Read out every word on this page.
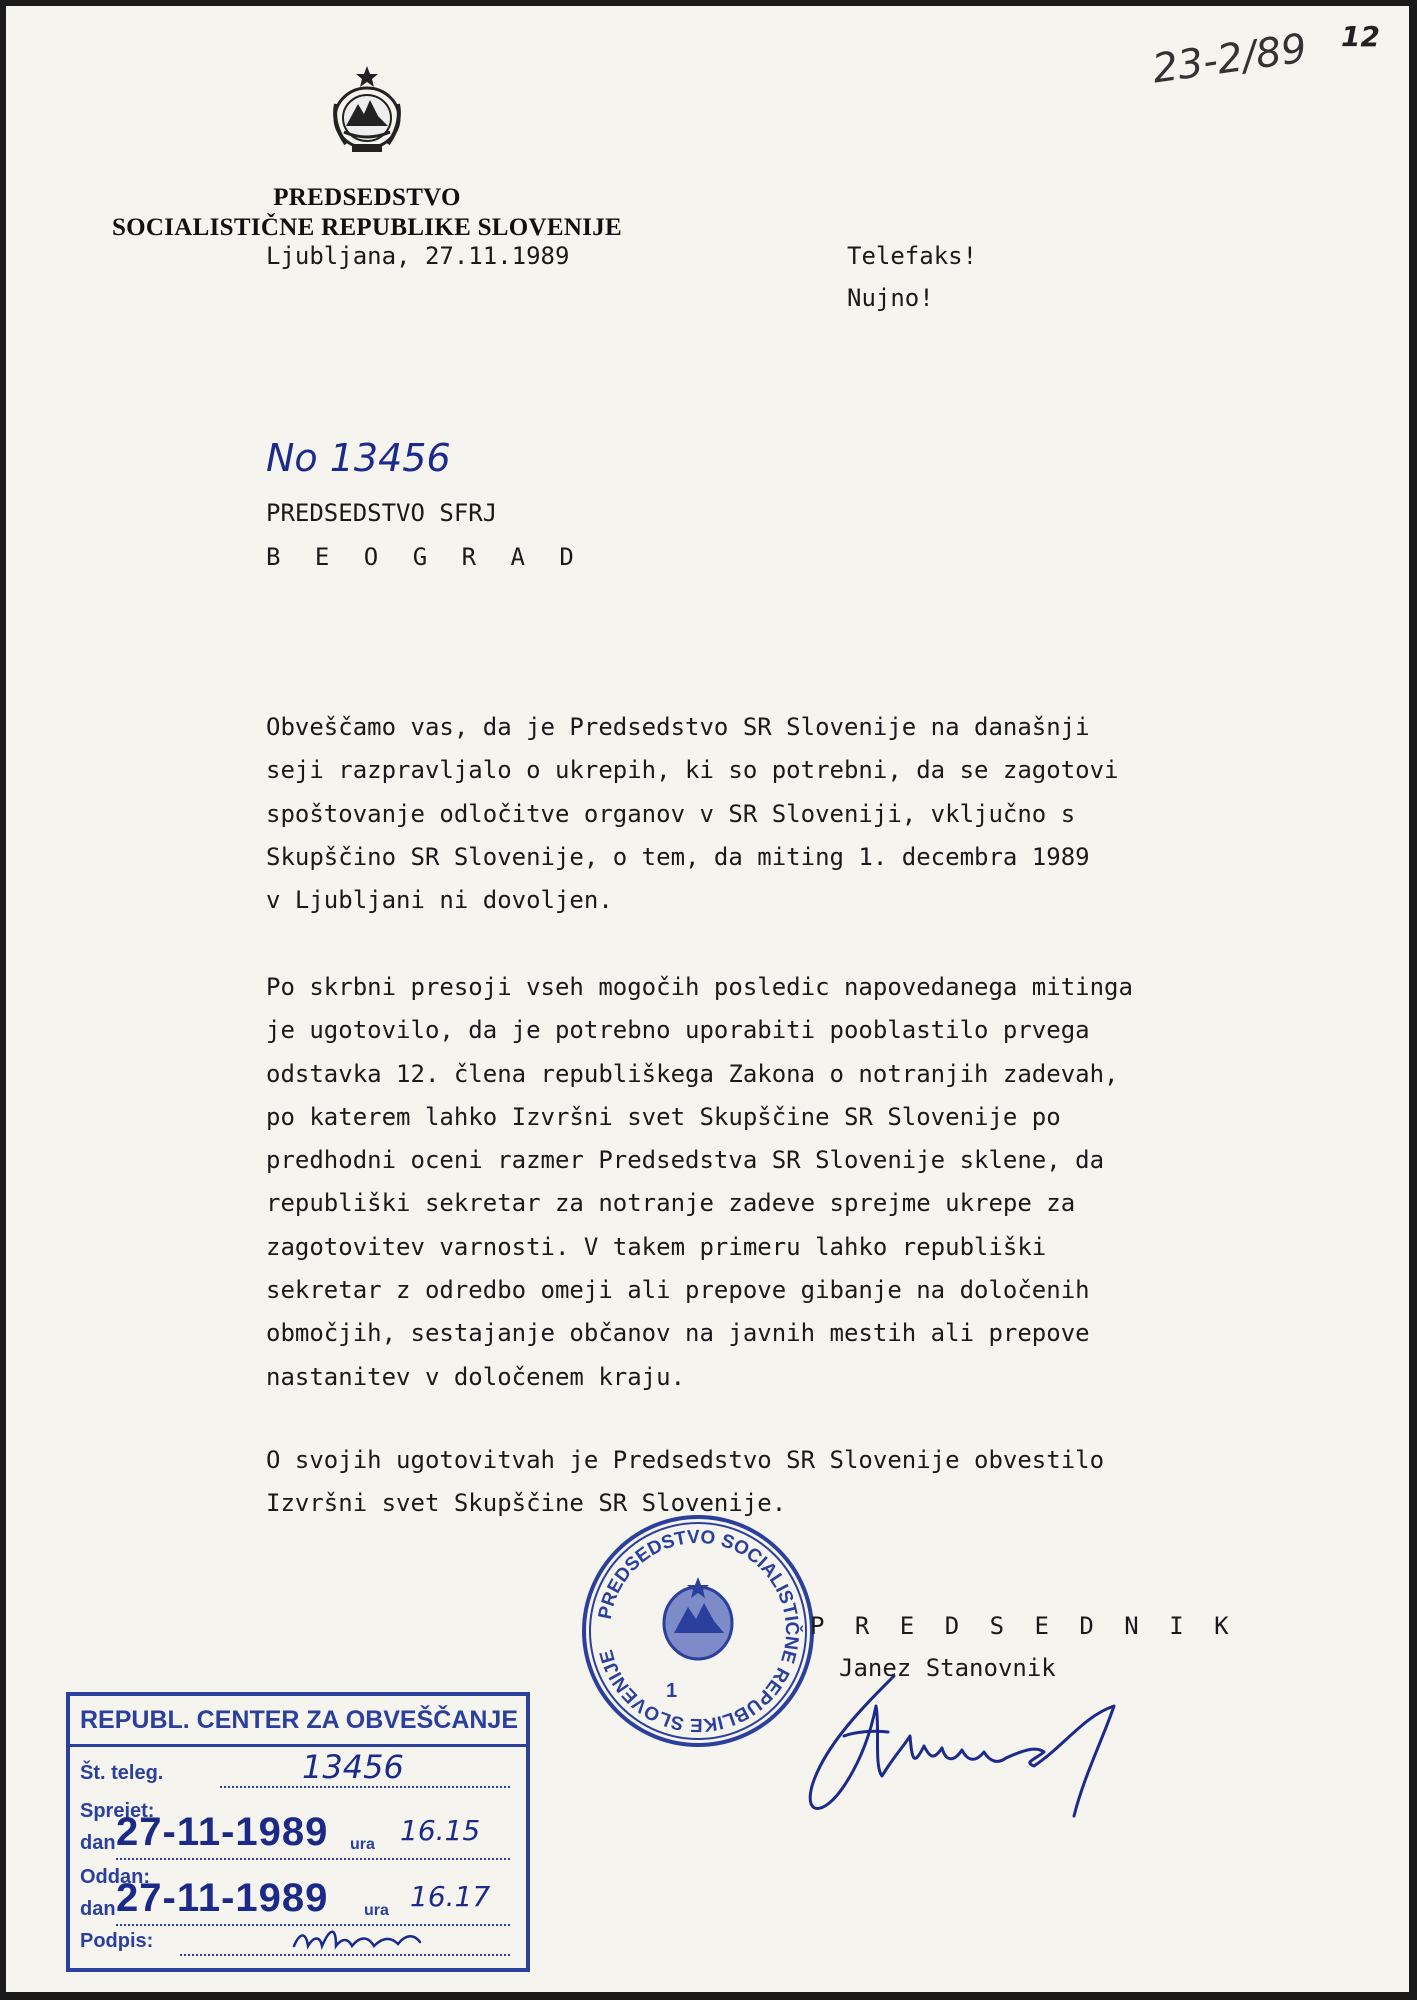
PREDSEDSTVO
SOCIALISTIČNE REPUBLIKE SLOVENIJE
Ljubljana, 27.11.1989	Telefaks!
Nujno!
23-2/89 12
No 13456
PREDSEDSTVO SFRJ
B E O G R A D

Obveščamo vas, da je Predsedstvo SR Slovenije na današnji

seji razpravljalo o ukrepih, ki so potrebni, da se zagotovi

spoštovanje odločitve organov v SR Sloveniji, vključno s

Skupščino SR Slovenije, o tem, da miting 1. decembra 1989

v Ljubljani ni dovoljen.

Po skrbni presoji vseh mogočih posledic napovedanega mitinga

je ugotovilo, da je potrebno uporabiti pooblastilo prvega

odstavka 12. člena republiškega Zakona o notranjih zadevah,

po katerem lahko Izvršni svet Skupščine SR Slovenije po

predhodni oceni razmer Predsedstva SR Slovenije sklene, da

republiški sekretar za notranje zadeve sprejme ukrepe za

zagotovitev varnosti. V takem primeru lahko republiški

sekretar z odredbo omeji ali prepove gibanje na določenih

območjih, sestajanje občanov na javnih mestih ali prepove

nastanitev v določenem kraju.

O svojih ugotovitvah je Predsedstvo SR Slovenije obvestilo

Izvršni svet Skupščine SR Slovenije.

PREDSEDSTVO SOCIALISTIČNE REPUBLIKE SLOVENIJE
1
P R E D S E D N I K
Janez Stanovnik
REPUBL. CENTER ZA OBVEŠČANJE
Št. teleg.	13456
Sprejet:
dan 27-11-1989 ura 16.15
Oddan:
dan 27-11-1989 ura 16.17
Podpis:
